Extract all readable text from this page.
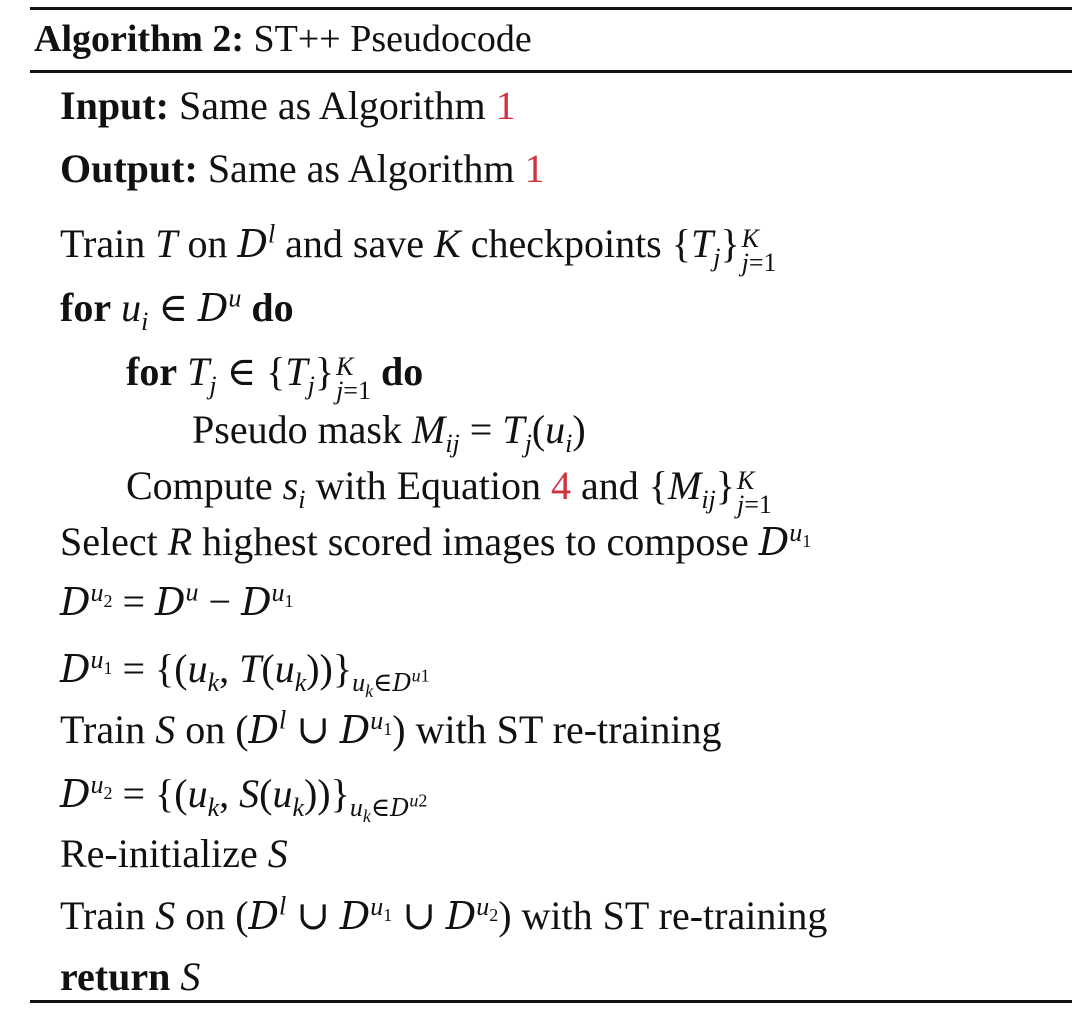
Algorithm 2: ST++ Pseudocode
Input: Same as Algorithm 1
Output: Same as Algorithm 1
Train T on $D^l$ and save K checkpoints $\{T_j\}$ K
j=1
for $u_i$ ∈ $D^u$ do
for $T_j$ ∈ $\{T_j\}$ K
j=1 do
Pseudo mask $M_{ij} = T_j(u_i)$
Compute $s_i$ with Equation 4 and $\{M_{ij}\}$ K
j=1
Select R highest scored images to compose $D^{u_1}$
$D^{u_2} = D^u - D^{u_1}$
$D^{u_1} = \{(u_k$, $T(u_k))\}_{u_k\in D^{u1}}$
Train S on ($D^l$ ∪ $D^{u_1}$) with ST re-training
$D^{u_2} = \{(u_k$, $S(u_k))\}_{u_k\in D^{u2}}$
Re-initialize S
Train S on ($D^l$ ∪ $D^{u_1}$ ∪ $D^{u_2}$) with ST re-training
return S
